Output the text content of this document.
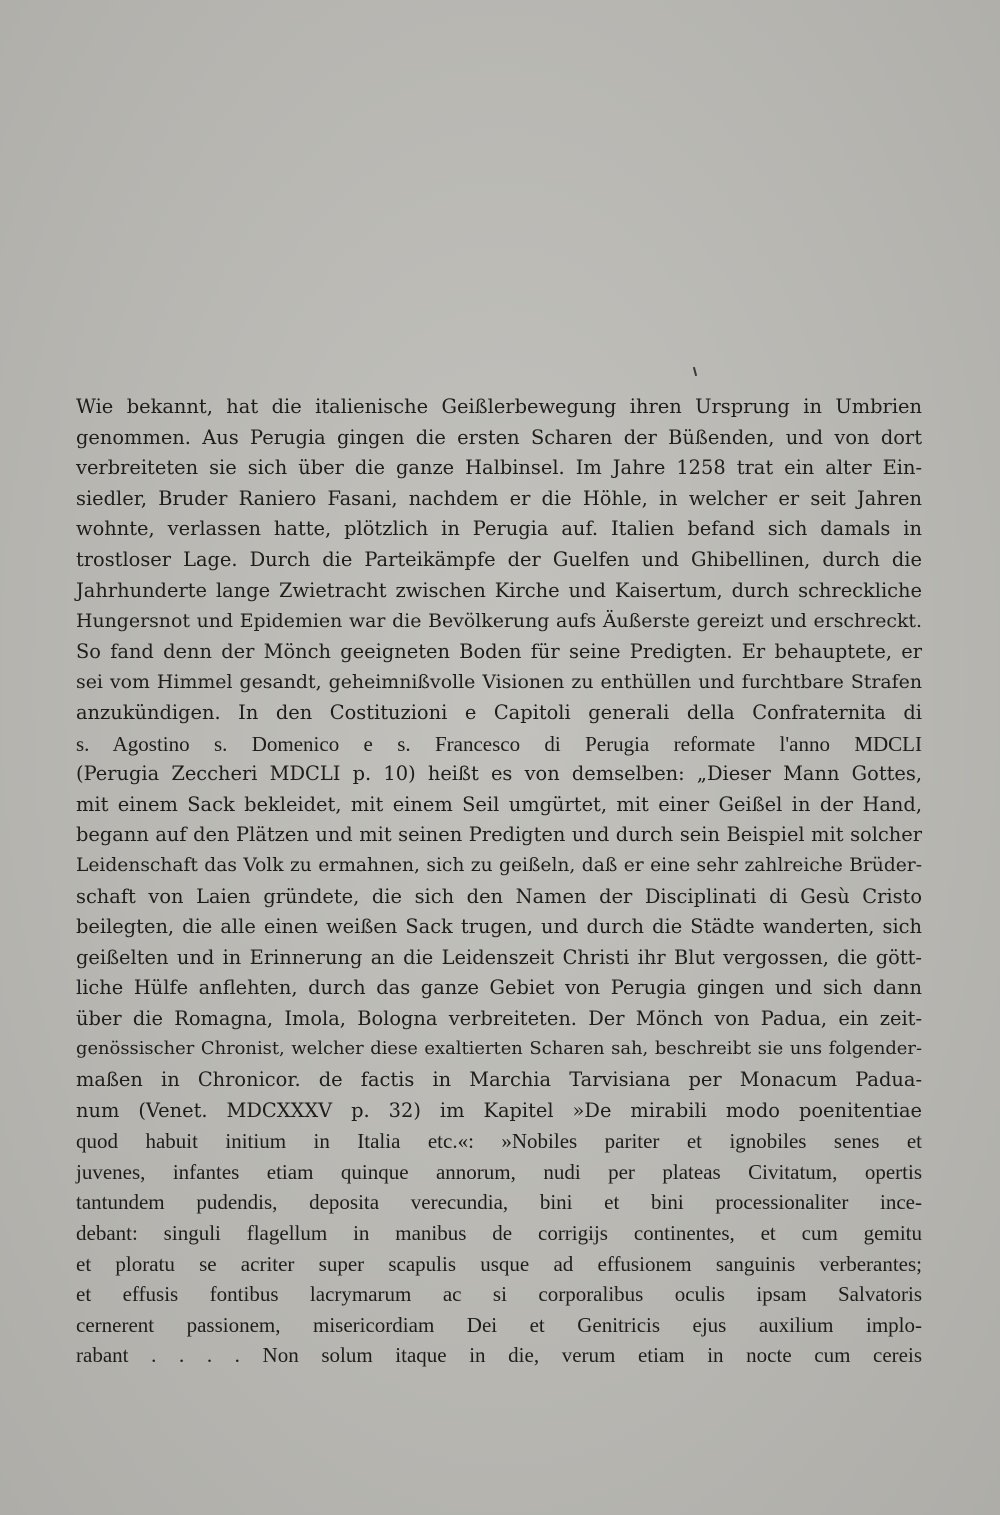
Wie bekannt, hat die italienische Geißlerbewegung ihren Ursprung in Umbrien
genommen. Aus Perugia gingen die ersten Scharen der Büßenden, und von dort
verbreiteten sie sich über die ganze Halbinsel. Im Jahre 1258 trat ein alter Ein-
siedler, Bruder Raniero Fasani, nachdem er die Höhle, in welcher er seit Jahren
wohnte, verlassen hatte, plötzlich in Perugia auf. Italien befand sich damals in
trostloser Lage. Durch die Parteikämpfe der Guelfen und Ghibellinen, durch die
Jahrhunderte lange Zwietracht zwischen Kirche und Kaisertum, durch schreckliche
Hungersnot und Epidemien war die Bevölkerung aufs Äußerste gereizt und erschreckt.
So fand denn der Mönch geeigneten Boden für seine Predigten. Er behauptete, er
sei vom Himmel gesandt, geheimnißvolle Visionen zu enthüllen und furchtbare Strafen
anzukündigen. In den Costituzioni e Capitoli generali della Confraternita di
s. Agostino s. Domenico e s. Francesco di Perugia reformate l'anno MDCLI
(Perugia Zeccheri MDCLI p. 10) heißt es von demselben: „Dieser Mann Gottes,
mit einem Sack bekleidet, mit einem Seil umgürtet, mit einer Geißel in der Hand,
begann auf den Plätzen und mit seinen Predigten und durch sein Beispiel mit solcher
Leidenschaft das Volk zu ermahnen, sich zu geißeln, daß er eine sehr zahlreiche Brüder-
schaft von Laien gründete, die sich den Namen der Disciplinati di Gesù Cristo
beilegten, die alle einen weißen Sack trugen, und durch die Städte wanderten, sich
geißelten und in Erinnerung an die Leidenszeit Christi ihr Blut vergossen, die gött-
liche Hülfe anflehten, durch das ganze Gebiet von Perugia gingen und sich dann
über die Romagna, Imola, Bologna verbreiteten. Der Mönch von Padua, ein zeit-
genössischer Chronist, welcher diese exaltierten Scharen sah, beschreibt sie uns folgender-
maßen in Chronicor. de factis in Marchia Tarvisiana per Monacum Paduа-
num (Venet. MDCXXXV p. 32) im Kapitel »De mirabili modo poenitentiae
quod habuit initium in Italia etc.«: »Nobiles pariter et ignobiles senes et
juvenes, infantes etiam quinque annorum, nudi per plateas Civitatum, opertis
tantundem pudendis, deposita verecundia, bini et bini processionaliter ince-
debant: singuli flagellum in manibus de corrigijs continentes, et cum gemitu
et ploratu se acriter super scapulis usque ad effusionem sanguinis verberantes;
et effusis fontibus lacrymarum ac si corporalibus oculis ipsam Salvatoris
cernerent passionem, misericordiam Dei et Genitricis ejus auxilium implo-
rabant . . . . Non solum itaque in die, verum etiam in nocte cum cereis
